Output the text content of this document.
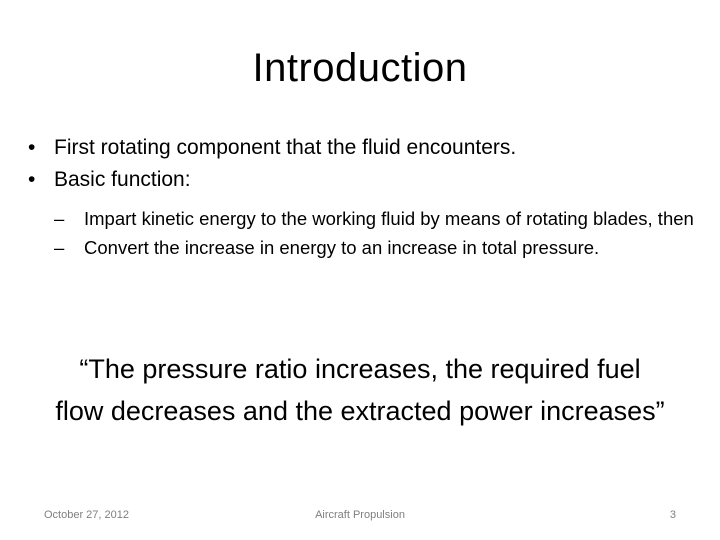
Introduction
• First rotating component that the fluid encounters.
• Basic function:
– Impart kinetic energy to the working fluid by means of rotating blades, then
– Convert the increase in energy to an increase in total pressure.
“The pressure ratio increases, the required fuel
flow decreases and the extracted power increases”
Aircraft Propulsion
October 27, 2012	3
